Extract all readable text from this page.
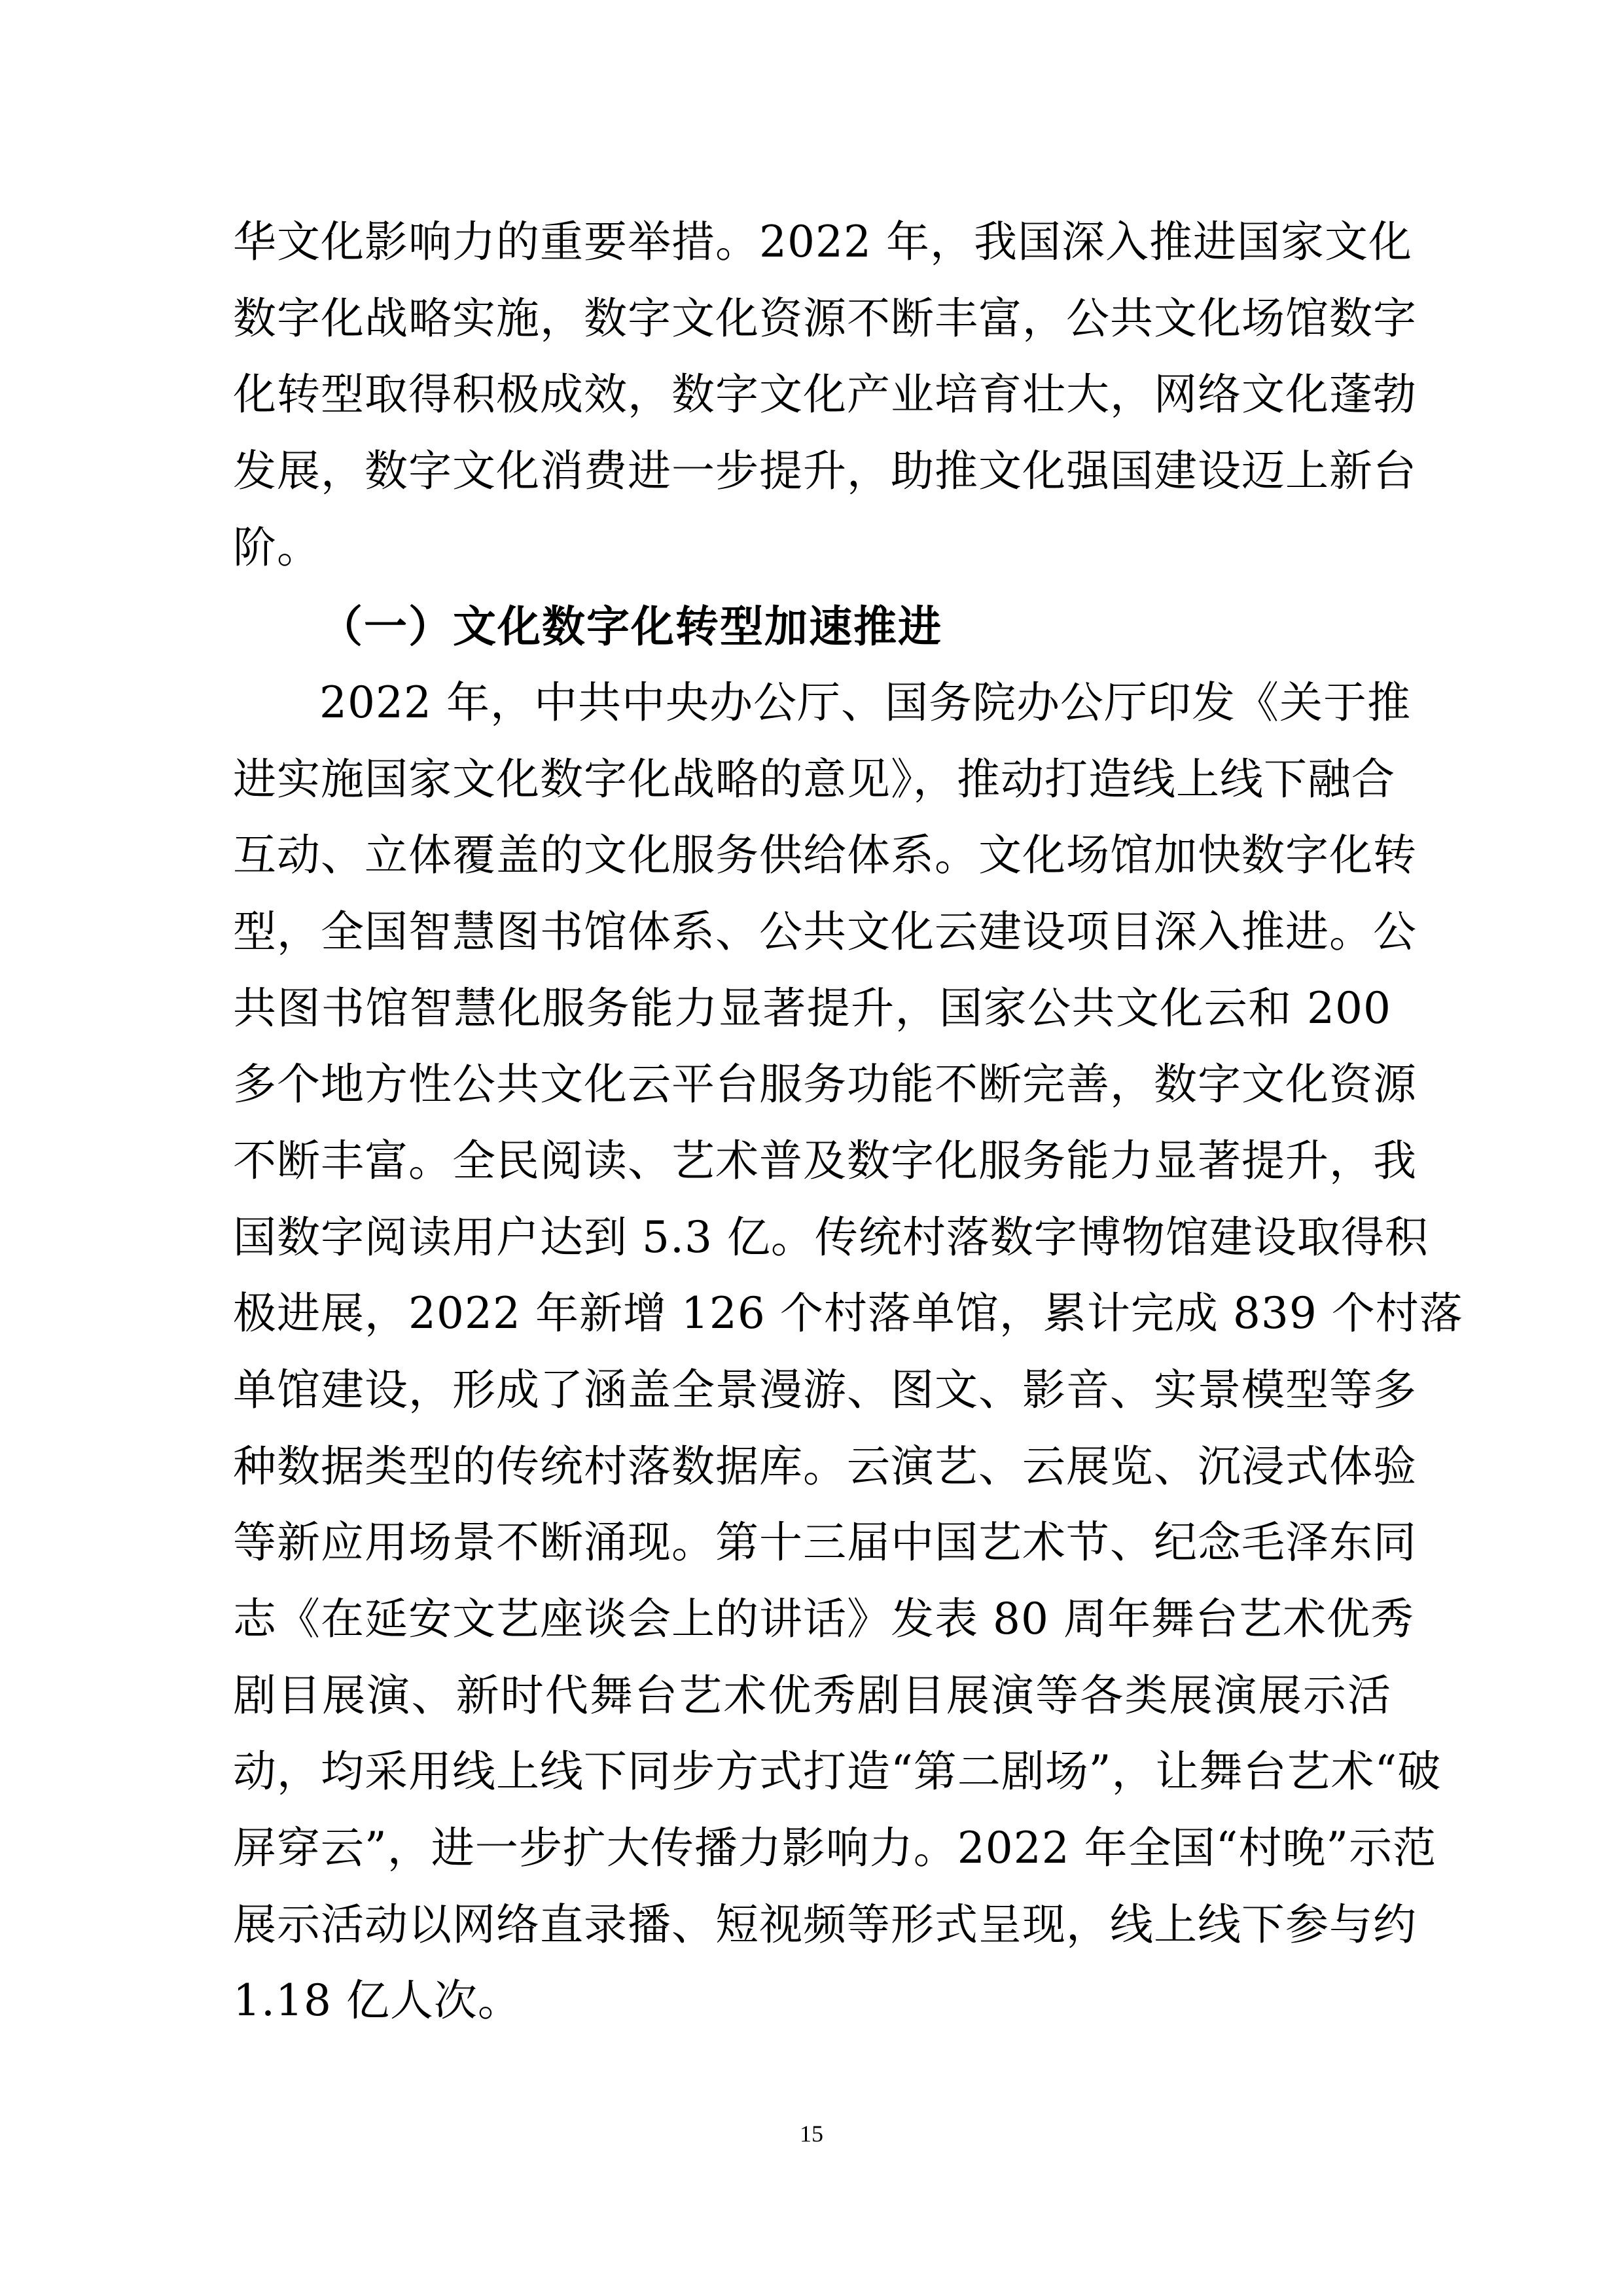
华文化影响力的重要举措。2022 年，我国深入推进国家文化
数字化战略实施，数字文化资源不断丰富，公共文化场馆数字
化转型取得积极成效，数字文化产业培育壮大，网络文化蓬勃
发展，数字文化消费进一步提升，助推文化强国建设迈上新台
阶。
（一）文化数字化转型加速推进
2022 年，中共中央办公厅、国务院办公厅印发《关于推
进实施国家文化数字化战略的意见》，推动打造线上线下融合
互动、立体覆盖的文化服务供给体系。文化场馆加快数字化转
型，全国智慧图书馆体系、公共文化云建设项目深入推进。公
共图书馆智慧化服务能力显著提升，国家公共文化云和 200
多个地方性公共文化云平台服务功能不断完善，数字文化资源
不断丰富。全民阅读、艺术普及数字化服务能力显著提升，我
国数字阅读用户达到 5.3 亿。传统村落数字博物馆建设取得积
极进展，2022 年新增 126 个村落单馆，累计完成 839 个村落
单馆建设，形成了涵盖全景漫游、图文、影音、实景模型等多
种数据类型的传统村落数据库。云演艺、云展览、沉浸式体验
等新应用场景不断涌现。第十三届中国艺术节、纪念毛泽东同
志《在延安文艺座谈会上的讲话》发表 80 周年舞台艺术优秀
剧目展演、新时代舞台艺术优秀剧目展演等各类展演展示活
动，均采用线上线下同步方式打造“第二剧场”，让舞台艺术“破
屏穿云”，进一步扩大传播力影响力。2022 年全国“村晚”示范
展示活动以网络直录播、短视频等形式呈现，线上线下参与约
1.18 亿人次。
15
